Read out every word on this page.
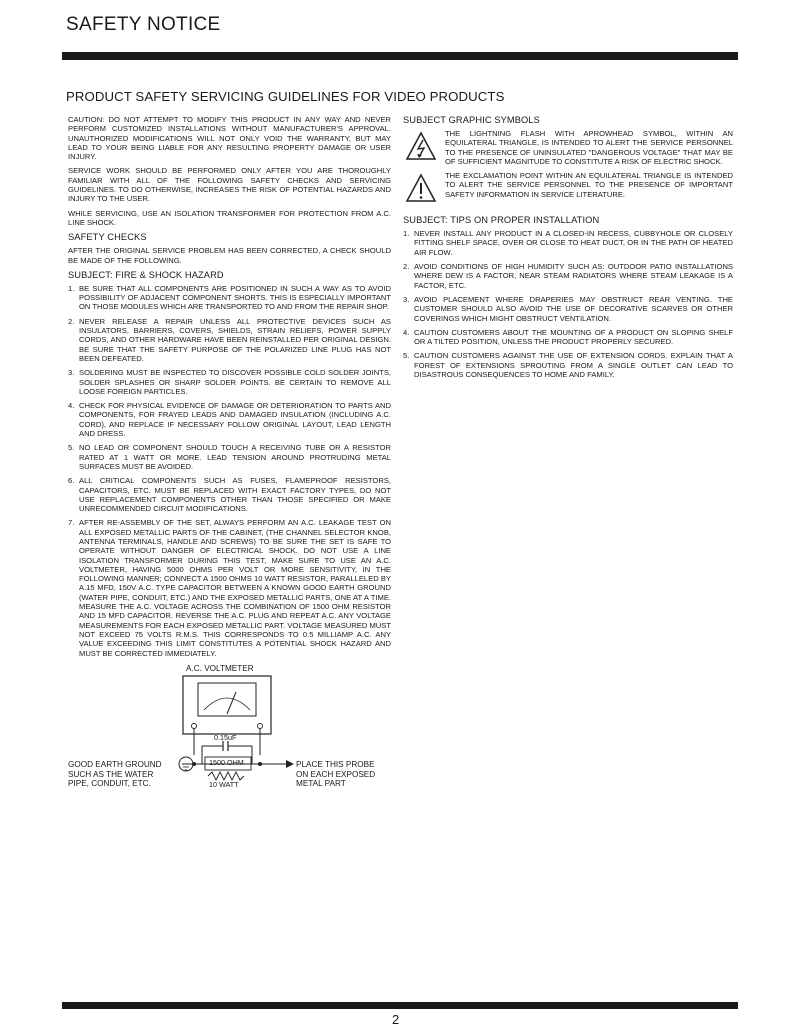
SAFETY NOTICE
PRODUCT SAFETY SERVICING GUIDELINES FOR VIDEO PRODUCTS

CAUTION: DO NOT ATTEMPT TO MODIFY THIS PRODUCT IN ANY WAY AND NEVER PERFORM CUSTOMIZED INSTALLATIONS WITHOUT MANUFACTURER'S APPROVAL. UNAUTHORIZED MODIFICATIONS WILL NOT ONLY VOID THE WARRANTY, BUT MAY LEAD TO YOUR BEING LIABLE FOR ANY RESULTING PROPERTY DAMAGE OR USER INJURY.

SERVICE WORK SHOULD BE PERFORMED ONLY AFTER YOU ARE THOROUGHLY FAMILIAR WITH ALL OF THE FOLLOWING SAFETY CHECKS AND SERVICING GUIDELINES. TO DO OTHERWISE, INCREASES THE RISK OF POTENTIAL HAZARDS AND INJURY TO THE USER.

WHILE SERVICING, USE AN ISOLATION TRANSFORMER FOR PROTECTION FROM A.C. LINE SHOCK.

SAFETY CHECKS

AFTER THE ORIGINAL SERVICE PROBLEM HAS BEEN CORRECTED, A CHECK SHOULD BE MADE OF THE FOLLOWING.

SUBJECT: FIRE & SHOCK HAZARD
1. BE SURE THAT ALL COMPONENTS ARE POSITIONED IN SUCH A WAY AS TO AVOID POSSIBILITY OF ADJACENT COMPONENT SHORTS. THIS IS ESPECIALLY IMPORTANT ON THOSE MODULES WHICH ARE TRANSPORTED TO AND FROM THE REPAIR SHOP.
2. NEVER RELEASE A REPAIR UNLESS ALL PROTECTIVE DEVICES SUCH AS INSULATORS, BARRIERS, COVERS, SHIELDS, STRAIN RELIEFS, POWER SUPPLY CORDS, AND OTHER HARDWARE HAVE BEEN REINSTALLED PER ORIGINAL DESIGN. BE SURE THAT THE SAFETY PURPOSE OF THE POLARIZED LINE PLUG HAS NOT BEEN DEFEATED.
3. SOLDERING MUST BE INSPECTED TO DISCOVER POSSIBLE COLD SOLDER JOINTS, SOLDER SPLASHES OR SHARP SOLDER POINTS. BE CERTAIN TO REMOVE ALL LOOSE FOREIGN PARTICLES.
4. CHECK FOR PHYSICAL EVIDENCE OF DAMAGE OR DETERIORATION TO PARTS AND COMPONENTS, FOR FRAYED LEADS AND DAMAGED INSULATION (INCLUDING A.C. CORD), AND REPLACE IF NECESSARY FOLLOW ORIGINAL LAYOUT, LEAD LENGTH AND DRESS.
5. NO LEAD OR COMPONENT SHOULD TOUCH A RECEIVING TUBE OR A RESISTOR RATED AT 1 WATT OR MORE. LEAD TENSION AROUND PROTRUDING METAL SURFACES MUST BE AVOIDED.
6. ALL CRITICAL COMPONENTS SUCH AS FUSES, FLAMEPROOF RESISTORS, CAPACITORS, ETC. MUST BE REPLACED WITH EXACT FACTORY TYPES, DO NOT USE REPLACEMENT COMPONENTS OTHER THAN THOSE SPECIFIED OR MAKE UNRECOMMENDED CIRCUIT MODIFICATIONS.
7. AFTER RE-ASSEMBLY OF THE SET, ALWAYS PERFORM AN A.C. LEAKAGE TEST ON ALL EXPOSED METALLIC PARTS OF THE CABINET, (THE CHANNEL SELECTOR KNOB, ANTENNA TERMINALS, HANDLE AND SCREWS) TO BE SURE THE SET IS SAFE TO OPERATE WITHOUT DANGER OF ELECTRICAL SHOCK. DO NOT USE A LINE ISOLATION TRANSFORMER DURING THIS TEST, MAKE SURE TO USE AN A.C. VOLTMETER, HAVING 5000 OHMS PER VOLT OR MORE SENSITIVITY, IN THE FOLLOWING MANNER; CONNECT A 1500 OHMS 10 WATT RESISTOR, PARALLELED BY A.15 MFD, 150V A.C. TYPE CAPACITOR BETWEEN A KNOWN GOOD EARTH GROUND (WATER PIPE, CONDUIT, ETC.) AND THE EXPOSED METALLIC PARTS, ONE AT A TIME. MEASURE THE A.C. VOLTAGE ACROSS THE COMBINATION OF 1500 OHM RESISTOR AND 15 MFD CAPACITOR. REVERSE THE A.C. PLUG AND REPEAT A.C. ANY VOLTAGE MEASUREMENTS FOR EACH EXPOSED METALLIC PART. VOLTAGE MEASURED MUST NOT EXCEED 75 VOLTS R.M.S. THIS CORRESPONDS TO 0.5 MILLIAMP A.C. ANY VALUE EXCEEDING THIS LIMIT CONSTITUTES A POTENTIAL SHOCK HAZARD AND MUST BE CORRECTED IMMEDIATELY.
A.C. VOLTMETER
0.15uF
1500 OHM
10 WATT
GOOD EARTH GROUND SUCH AS THE WATER PIPE, CONDUIT, ETC.
PLACE THIS PROBE ON EACH EXPOSED METAL PART
SUBJECT GRAPHIC SYMBOLS

THE LIGHTNING FLASH WITH APROWHEAD SYMBOL, WITHIN AN EQUILATERAL TRIANGLE, IS INTENDED TO ALERT THE SERVICE PERSONNEL TO THE PRESENCE OF UNINSULATED "DANGEROUS VOLTAGE" THAT MAY BE OF SUFFICIENT MAGNITUDE TO CONSTITUTE A RISK OF ELECTRIC SHOCK.

THE EXCLAMATION POINT WITHIN AN EQUILATERAL TRIANGLE IS INTENDED TO ALERT THE SERVICE PERSONNEL TO THE PRESENCE OF IMPORTANT SAFETY INFORMATION IN SERVICE LITERATURE.

SUBJECT: TIPS ON PROPER INSTALLATION
1. NEVER INSTALL ANY PRODUCT IN A CLOSED-IN RECESS, CUBBYHOLE OR CLOSELY FITTING SHELF SPACE, OVER OR CLOSE TO HEAT DUCT, OR IN THE PATH OF HEATED AIR FLOW.
2. AVOID CONDITIONS OF HIGH HUMIDITY SUCH AS: OUTDOOR PATIO INSTALLATIONS WHERE DEW IS A FACTOR, NEAR STEAM RADIATORS WHERE STEAM LEAKAGE IS A FACTOR, ETC.
3. AVOID PLACEMENT WHERE DRAPERIES MAY OBSTRUCT REAR VENTING. THE CUSTOMER SHOULD ALSO AVOID THE USE OF DECORATIVE SCARVES OR OTHER COVERINGS WHICH MIGHT OBSTRUCT VENTILATION.
4. CAUTION CUSTOMERS ABOUT THE MOUNTING OF A PRODUCT ON SLOPING SHELF OR A TILTED POSITION, UNLESS THE PRODUCT PROPERLY SECURED.
5. CAUTION CUSTOMERS AGAINST THE USE OF EXTENSION CORDS. EXPLAIN THAT A FOREST OF EXTENSIONS SPROUTING FROM A SINGLE OUTLET CAN LEAD TO DISASTROUS CONSEQUENCES TO HOME AND FAMILY.
2
